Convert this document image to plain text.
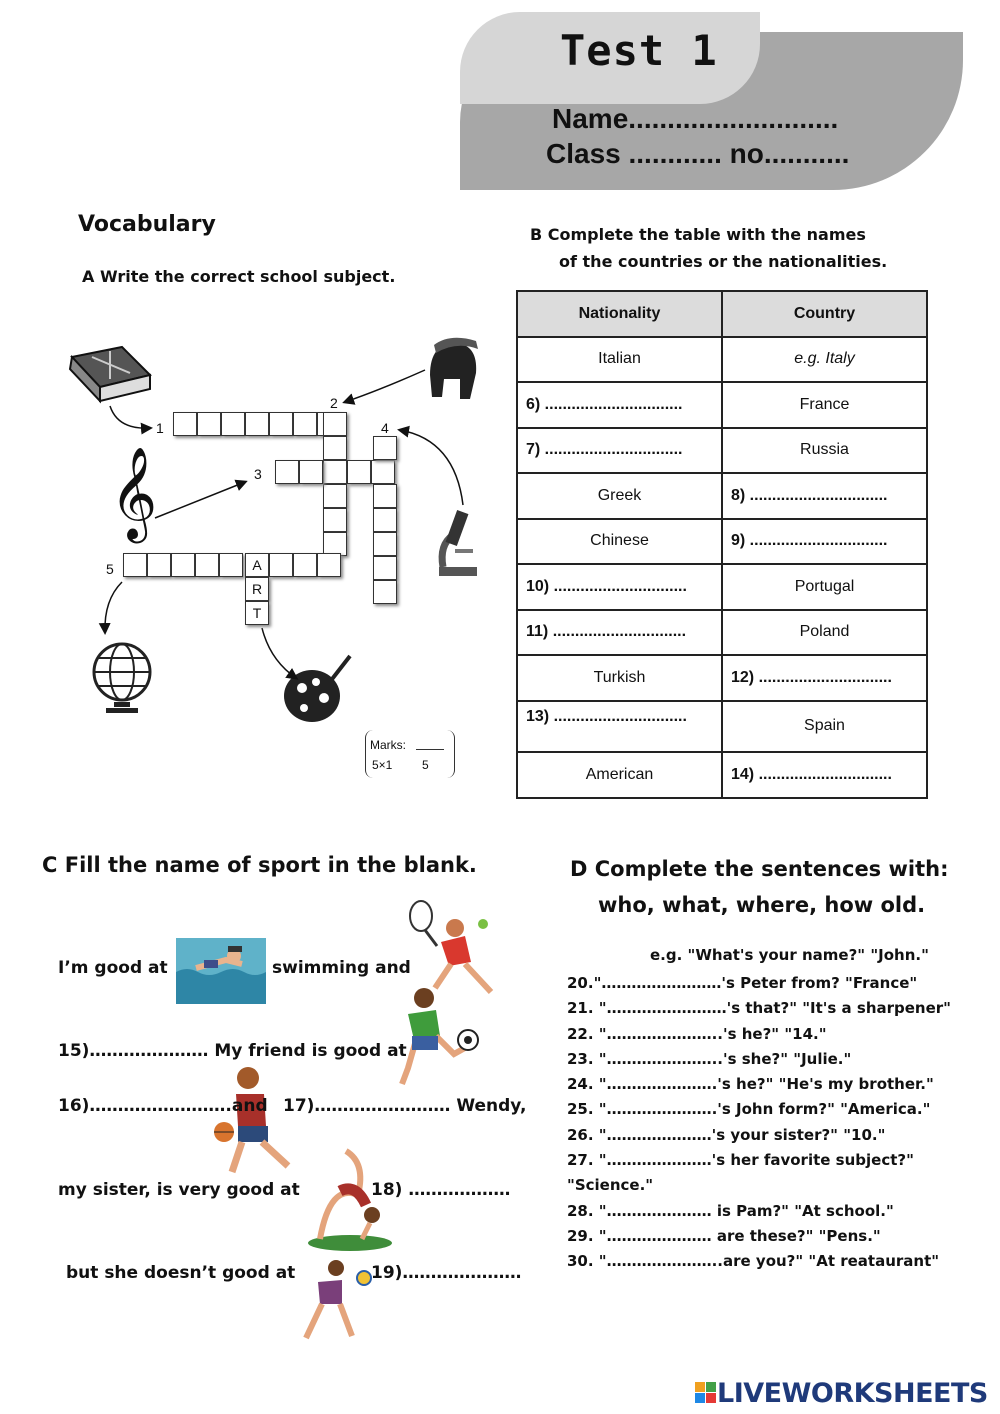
Test 1
Name...........................
Class ............ no...........
Vocabulary
A Write the correct school subject.
𝄞
1
2
3
4
5	A
R
T
Marks:
5×1 5
B Complete the table with the names
of the countries or the nationalities.
Nationality	Country
Italian	e.g. Italy
6) ...............................	France
7) ...............................	Russia
Greek	8) ...............................
Chinese	9) ...............................
10) ..............................	Portugal
11) ..............................	Poland
Turkish	12) ..............................
13) ..............................	Spain
American	14) ..............................
C Fill the name of sport in the blank.
I’m good at	swimming and
15)………………… My friend is good at
16)…………………….and 17)…………………… Wendy,
my sister, is very good at	18) ………………
but she doesn’t good at	19)…………………
D Complete the sentences with:
who, what, where, how old.
e.g. "What's your name?" "John."
20."……………………'s Peter from? "France"
21. "……………………'s that?" "It's a sharpener"
22. "…………………..'s he?" "14."
23. "…………………..'s she?" "Julie."
24. "………………….'s he?" "He's my brother."
25. "………………….'s John form?" "America."
26. "…………………'s your sister?" "10."
27. "…………………'s her favorite subject?" "Science."
28. "………………… is Pam?" "At school."
29. "………………… are these?" "Pens."
30. "…………………..are you?" "At reataurant"
LIVEWORKSHEETS
